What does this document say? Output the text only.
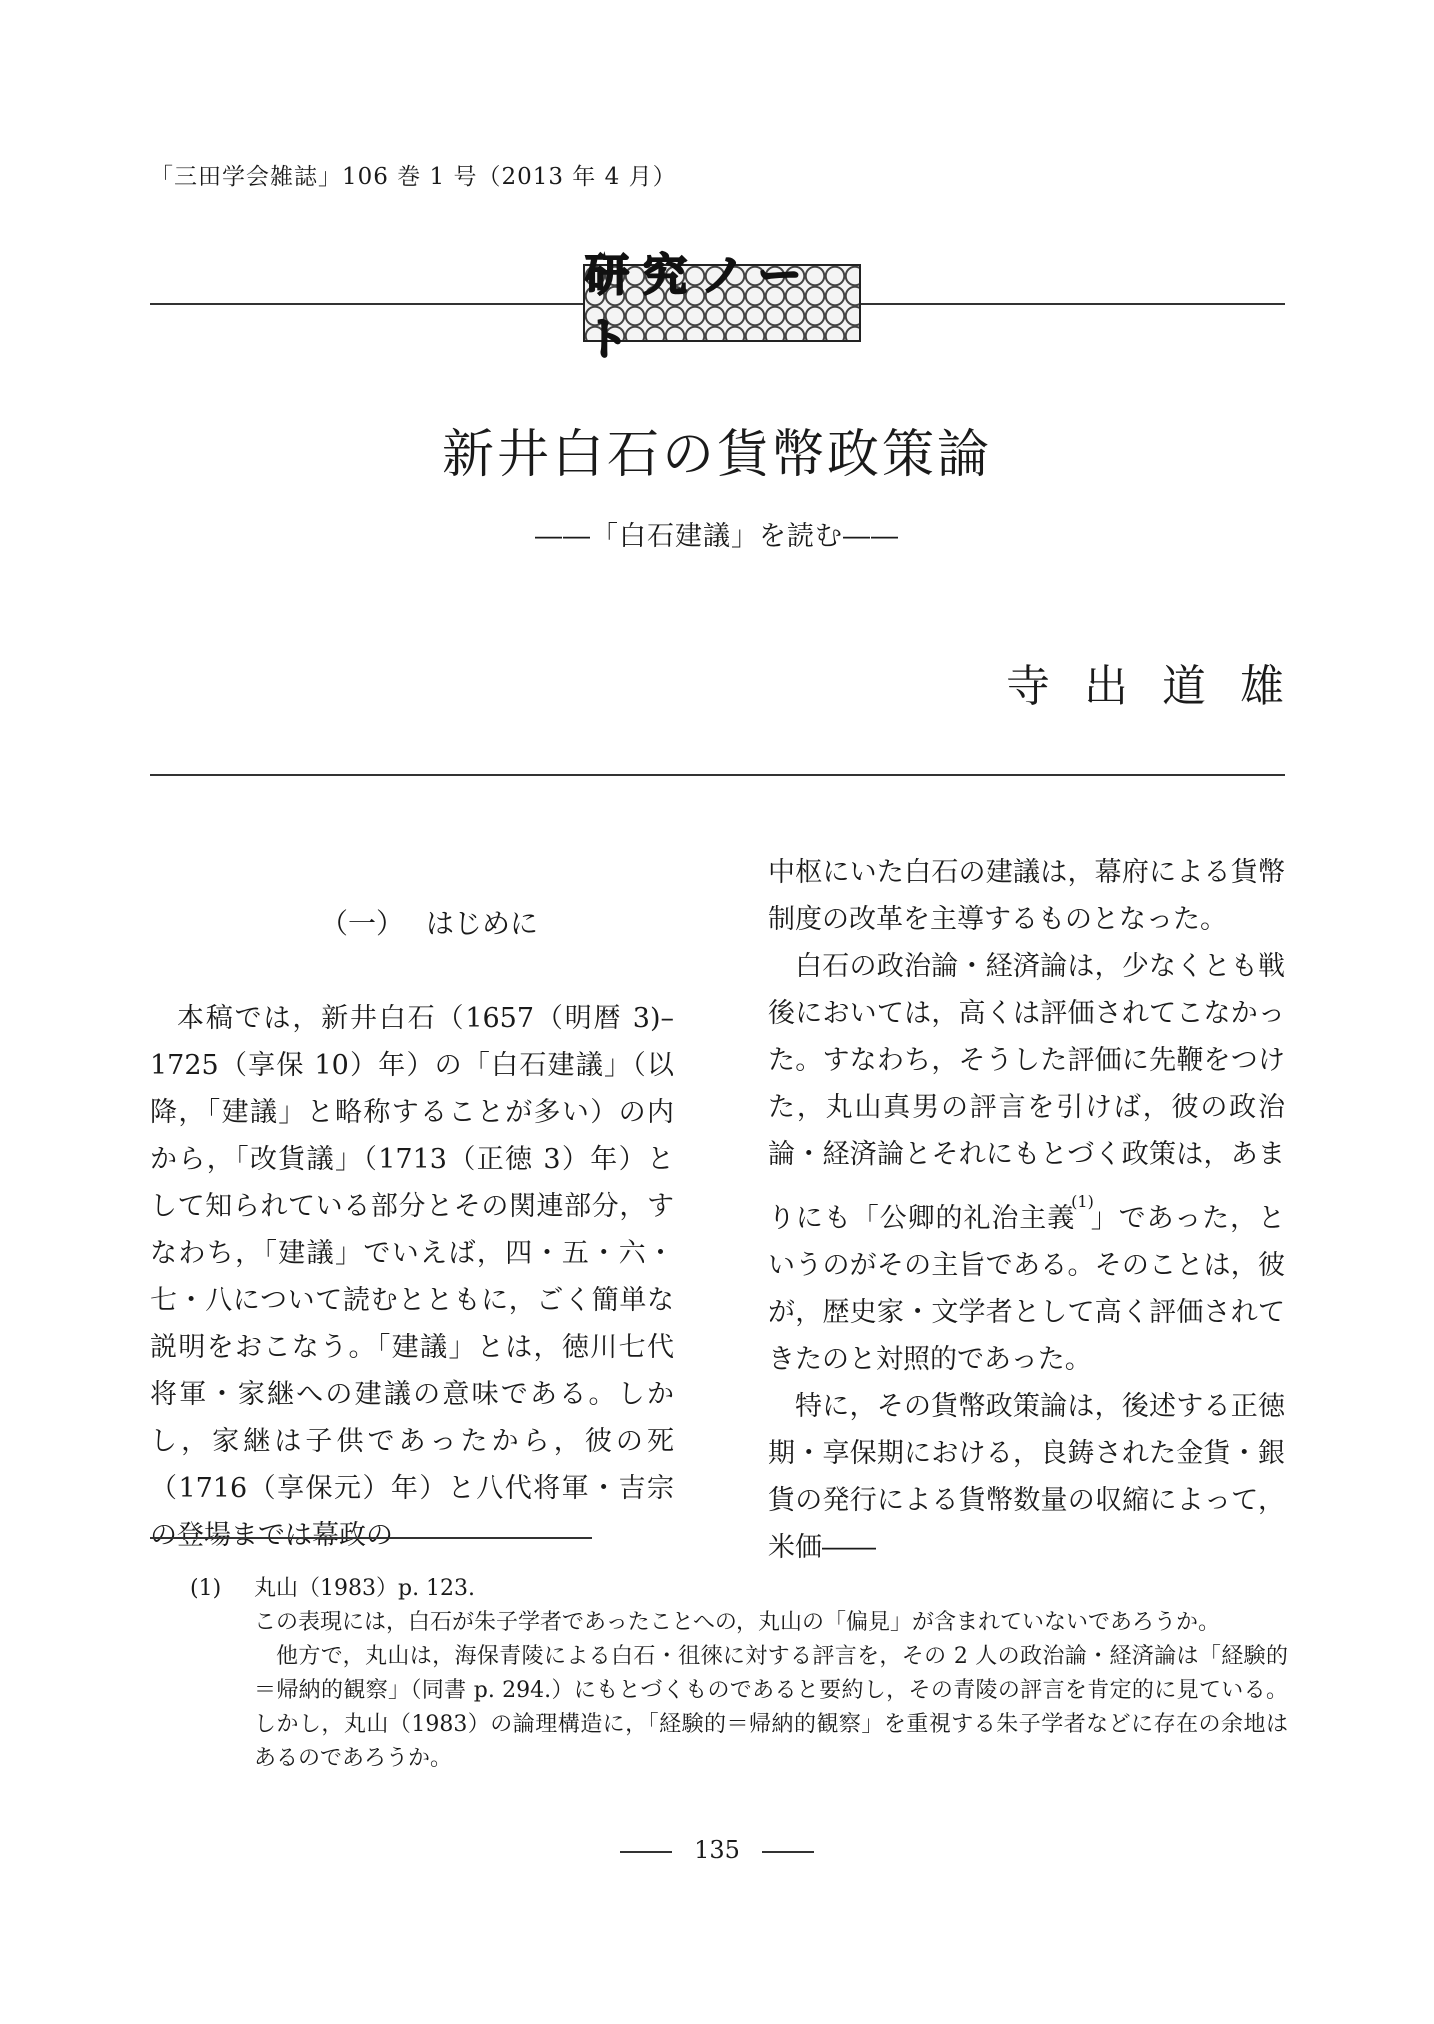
「三田学会雑誌」106 巻 1 号（2013 年 4 月）
研究ノート
新井白石の貨幣政策論
――「白石建議」を読む――
寺出道雄
（一） はじめに

本稿では，新井白石（1657（明暦 3)–1725（享保 10）年）の「白石建議」（以降，「建議」と略称することが多い）の内から，「改貨議」（1713（正徳 3）年）として知られている部分とその関連部分，すなわち，「建議」でいえば，四・五・六・七・八について読むとともに，ごく簡単な説明をおこなう。「建議」とは，徳川七代将軍・家継への建議の意味である。しかし，家継は子供であったから，彼の死（1716（享保元）年）と八代将軍・吉宗の登場までは幕政の

中枢にいた白石の建議は，幕府による貨幣制度の改革を主導するものとなった。

白石の政治論・経済論は，少なくとも戦後においては，高くは評価されてこなかった。すなわち，そうした評価に先鞭をつけた，丸山真男の評言を引けば，彼の政治論・経済論とそれにもとづく政策は，あまりにも「公卿的礼治主義$^{(1)}$」であった，というのがその主旨である。そのことは，彼が，歴史家・文学者として高く評価されてきたのと対照的であった。

特に，その貨幣政策論は，後述する正徳期・享保期における，良鋳された金貨・銀貨の発行による貨幣数量の収縮によって，米価――

(1) 丸山（1983）p. 123.
この表現には，白石が朱子学者であったことへの，丸山の「偏見」が含まれていないであろうか。
他方で，丸山は，海保青陵による白石・徂徠に対する評言を，その 2 人の政治論・経済論は「経験的＝帰納的観察」（同書 p. 294.）にもとづくものであると要約し，その青陵の評言を肯定的に見ている。しかし，丸山（1983）の論理構造に，「経験的＝帰納的観察」を重視する朱子学者などに存在の余地はあるのであろうか。
135
